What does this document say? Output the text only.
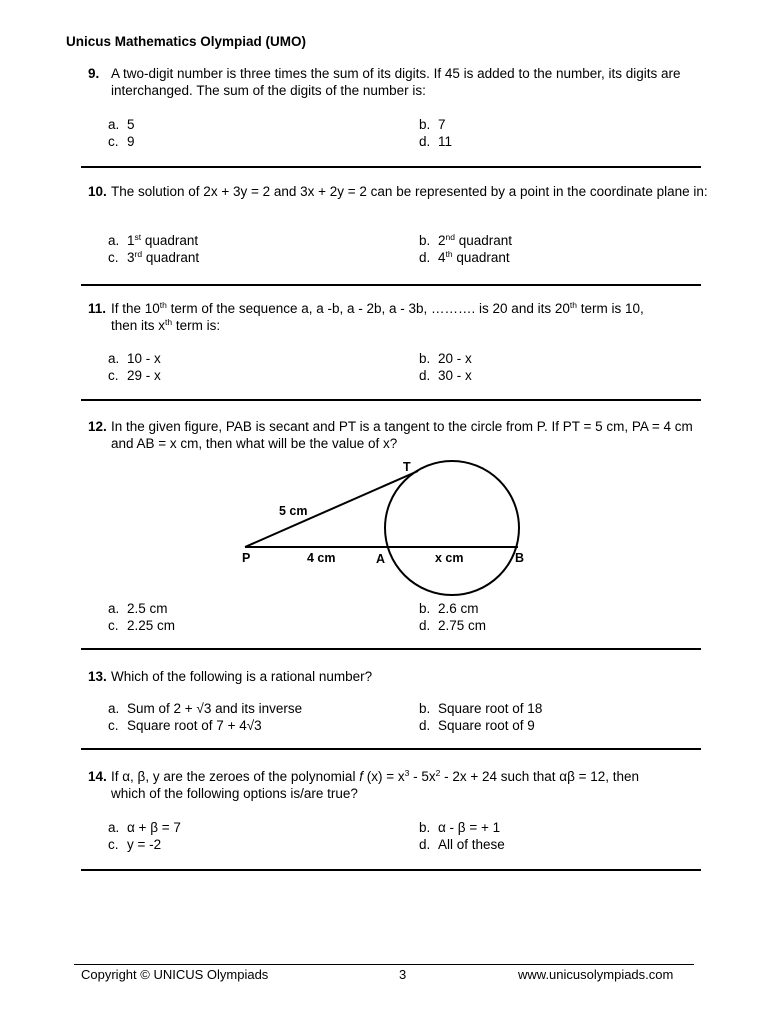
Unicus Mathematics Olympiad (UMO)
9. A two-digit number is three times the sum of its digits. If 45 is added to the number, its digits are interchanged. The sum of the digits of the number is:
a. 5	b. 7
c. 9	d. 11
10. The solution of 2x + 3y = 2 and 3x + 2y = 2 can be represented by a point in the coordinate plane in:
a. 1st quadrant	b. 2nd quadrant
c. 3rd quadrant	d. 4th quadrant
11. If the 10th term of the sequence a, a -b, a - 2b, a - 3b, ………. is 20 and its 20th term is 10,
then its $x^{th}$ term is:
a. 10 - x	b. 20 - x
c. 29 - x	d. 30 - x
12. In the given figure, PAB is secant and PT is a tangent to the circle from P. If PT = 5 cm, PA = 4 cm and AB = x cm, then what will be the value of x?
T
P	A	B
5 cm
4 cm	x cm
a. 2.5 cm	b. 2.6 cm
c. 2.25 cm	d. 2.75 cm
13. Which of the following is a rational number?
a. Sum of 2 + √3 and its inverse	b. Square root of 18
c. Square root of 7 + 4√3	d. Square root of 9
14. If α, β, y are the zeroes of the polynomial f $(x) = x^3 - 5x^2 - 2x + 24$ such that αβ = 12, then
which of the following options is/are true?
a. α + β = 7	b. α - β = + 1
c. y = -2	d. All of these
Copyright © UNICUS Olympiads	3	www.unicusolympiads.com
